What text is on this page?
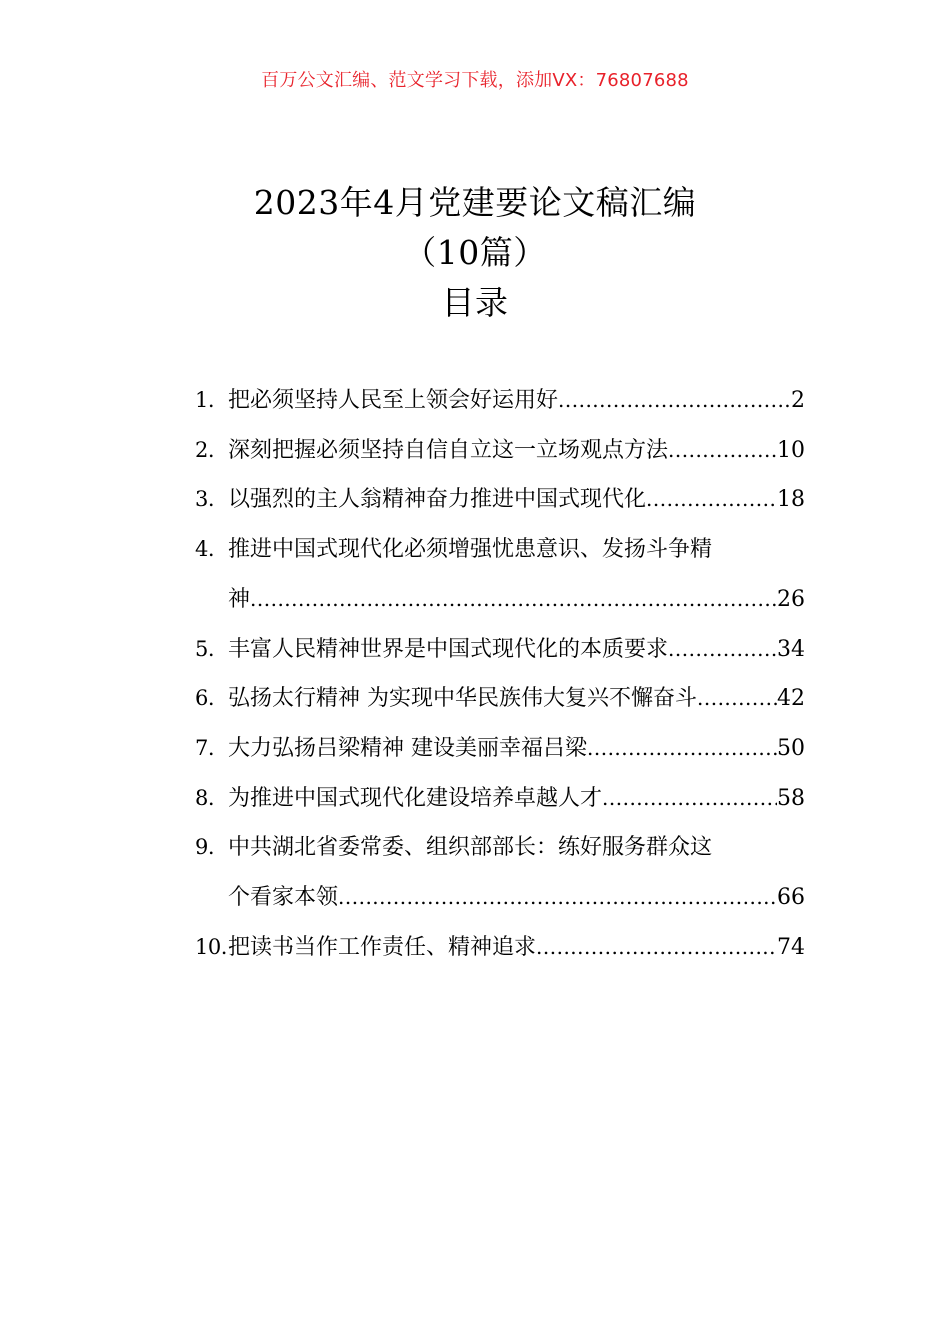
百万公文汇编、范文学习下载，添加VX：76807688
2023年4月党建要论文稿汇编
（10篇）
目录
1. 把必须坚持人民至上领会好运用好 .....	2
2. 深刻把握必须坚持自信自立这一立场观点方法 .....	10
3. 以强烈的主人翁精神奋力推进中国式现代化 .....	18
4. 推进中国式现代化必须增强忧患意识、发扬斗争精
神 .....	26
5. 丰富人民精神世界是中国式现代化的本质要求 .....	34
6. 弘扬太行精神 为实现中华民族伟大复兴不懈奋斗 .....	42
7. 大力弘扬吕梁精神 建设美丽幸福吕梁 .....	50
8. 为推进中国式现代化建设培养卓越人才 .....	58
9. 中共湖北省委常委、组织部部长：练好服务群众这
个看家本领 .....	66
10. 把读书当作工作责任、精神追求 .....	74
